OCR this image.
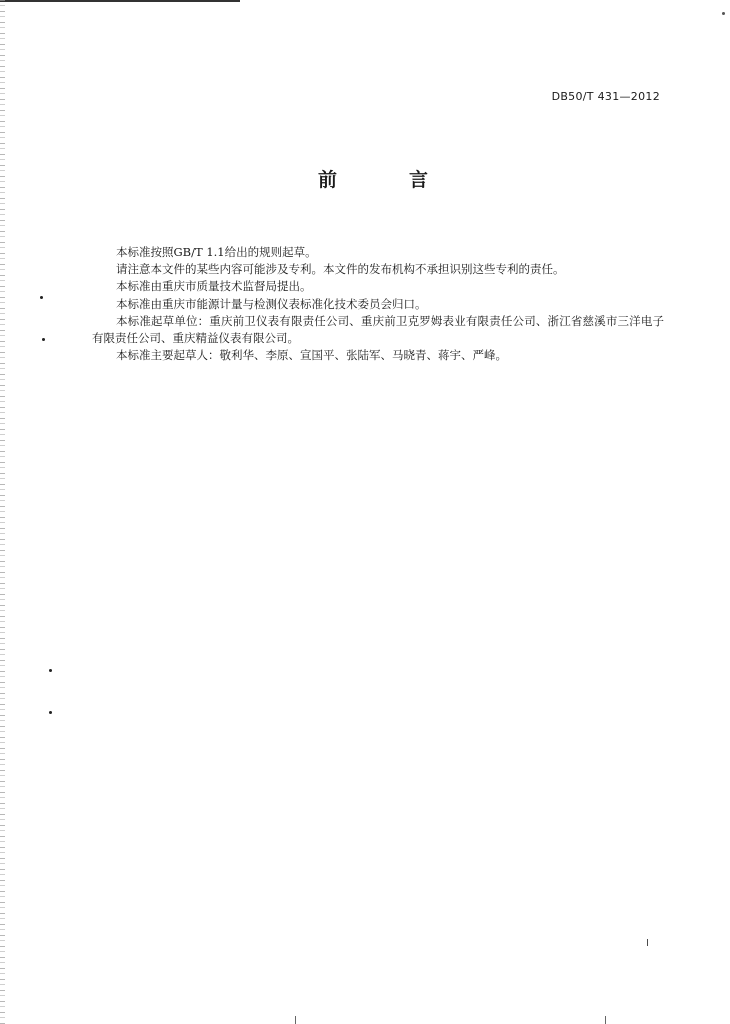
DB50/T 431—2012
前	言

本标准按照GB/T 1.1给出的规则起草。

请注意本文件的某些内容可能涉及专利。本文件的发布机构不承担识别这些专利的责任。

本标准由重庆市质量技术监督局提出。

本标准由重庆市能源计量与检测仪表标准化技术委员会归口。

本标准起草单位：重庆前卫仪表有限责任公司、重庆前卫克罗姆表业有限责任公司、浙江省慈溪市三洋电子有限责任公司、重庆精益仪表有限公司。

本标准主要起草人：敬利华、李原、宣国平、张陆军、马晓青、蒋宇、严峰。

I
